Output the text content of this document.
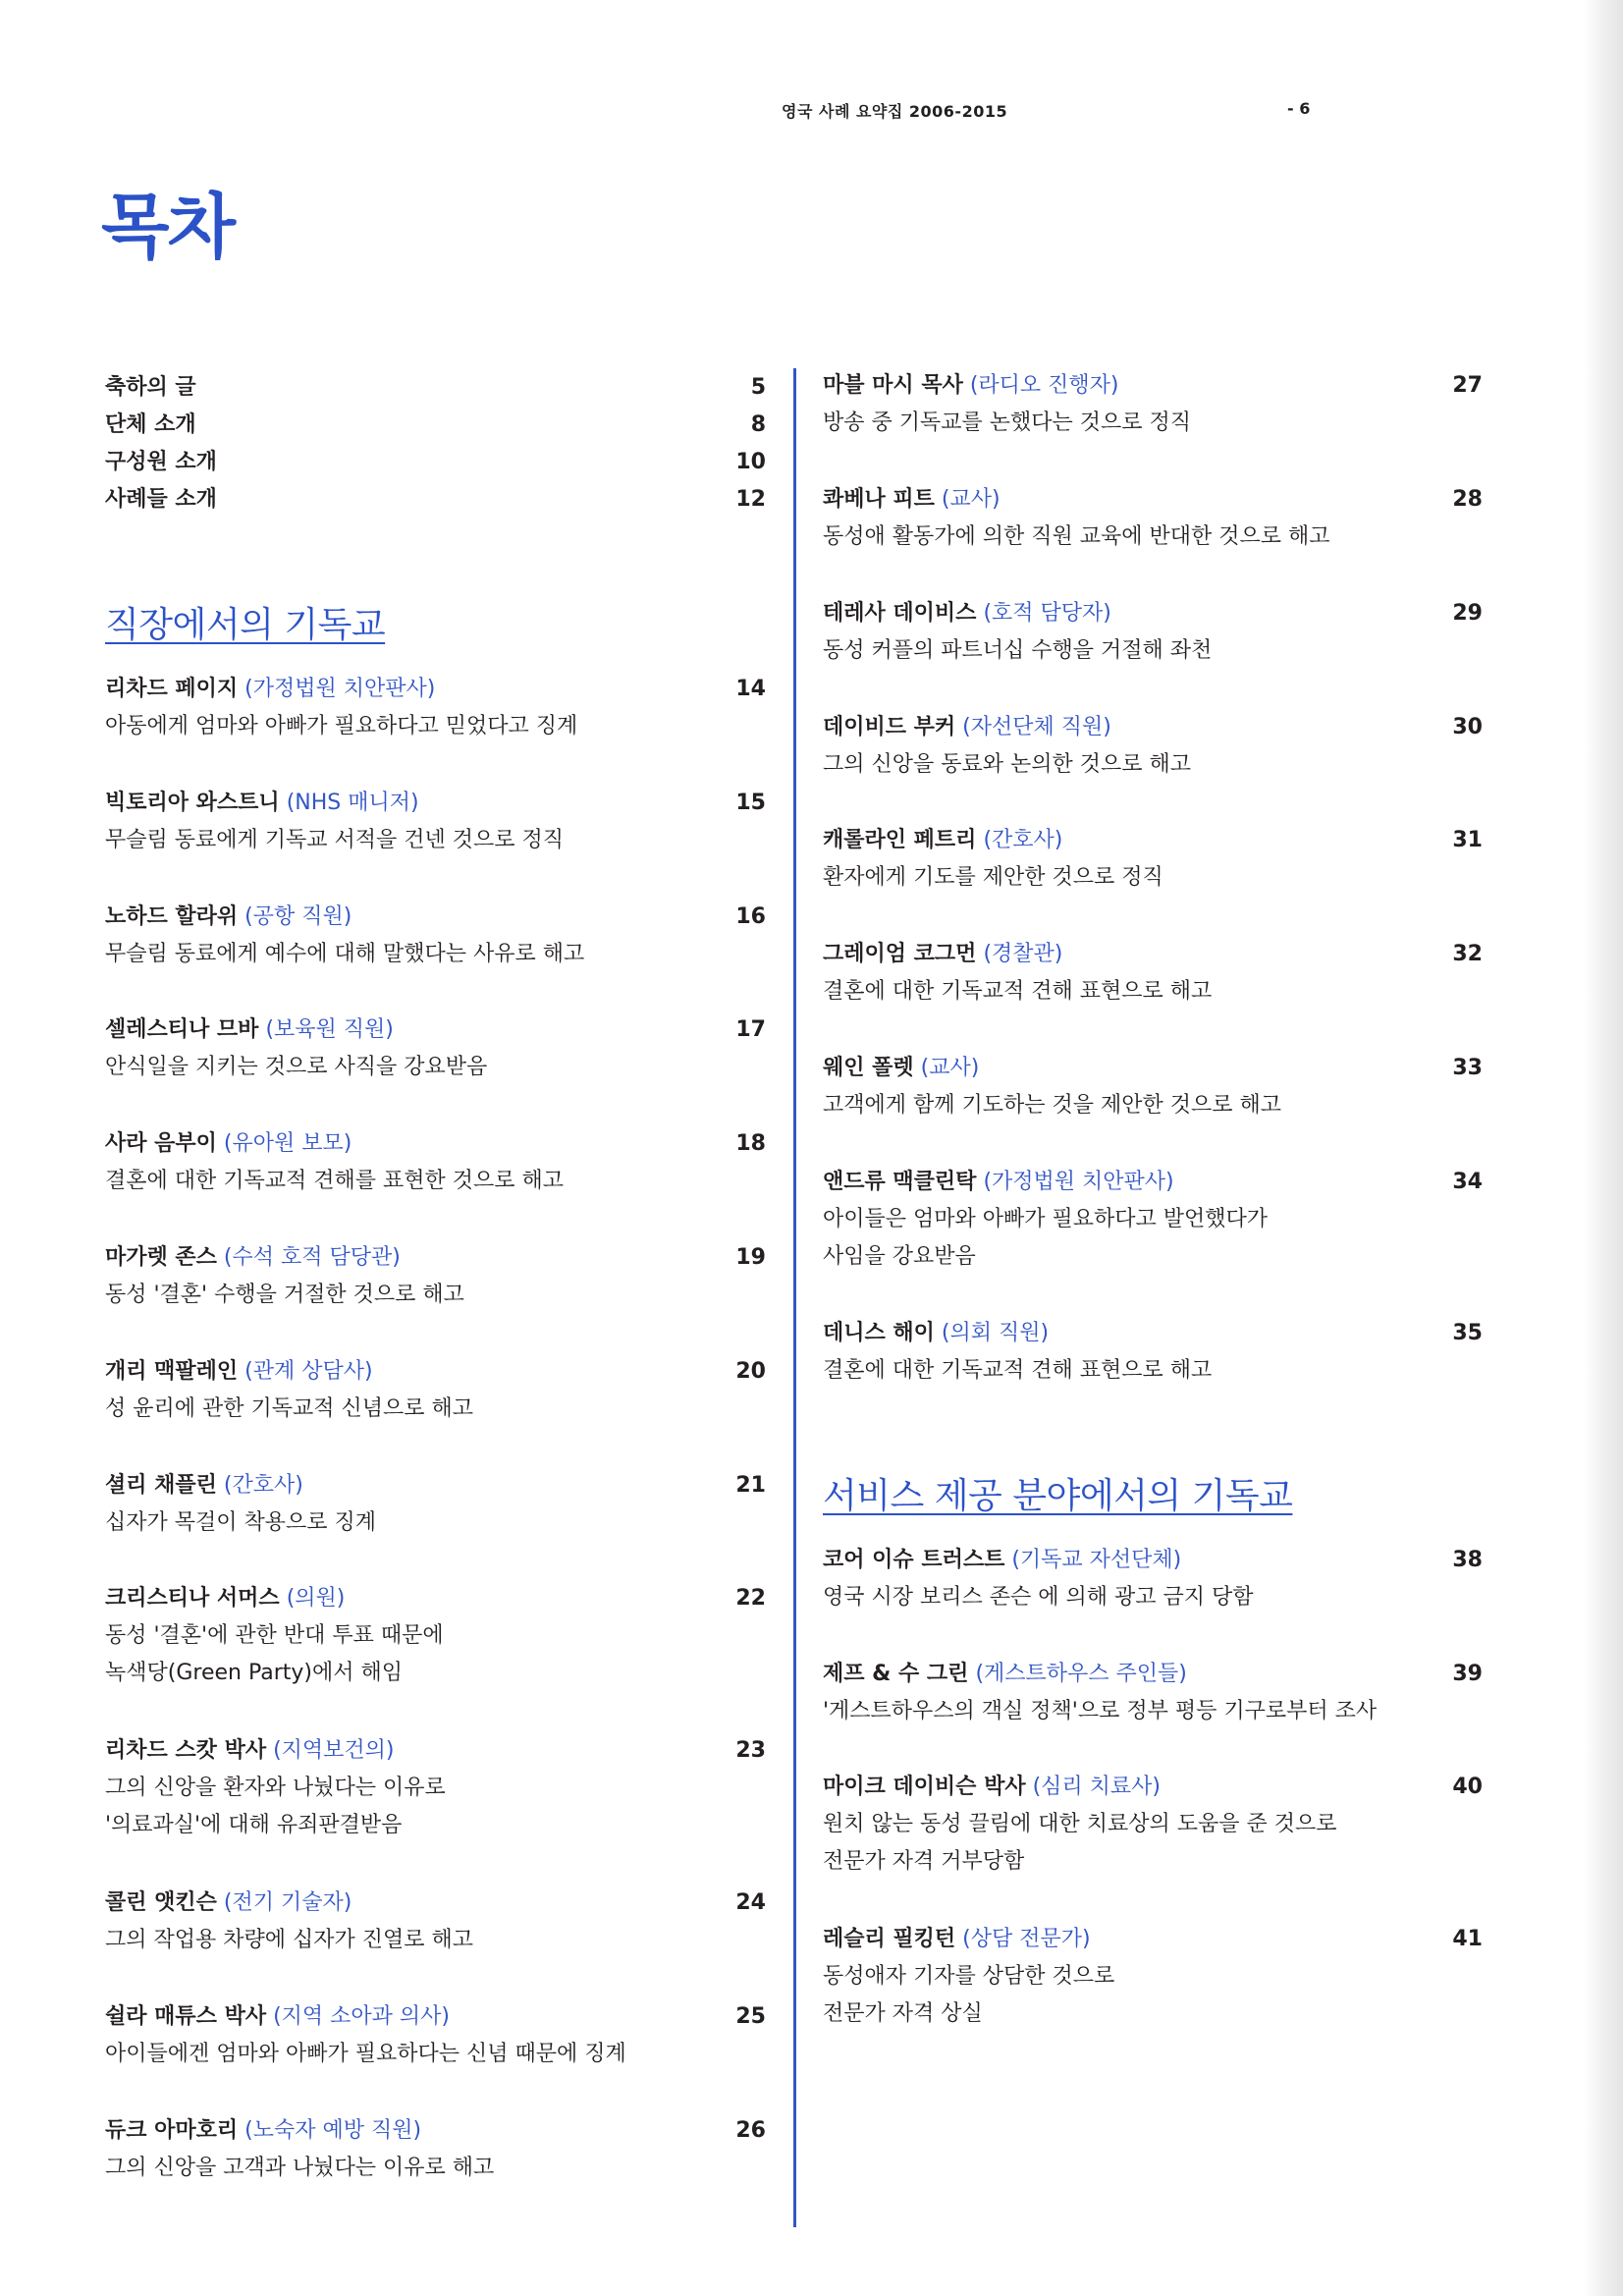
영국 사례 요약집 2006-2015	- 6
목차
축하의 글	5
단체 소개	8
구성원 소개	10
사례들 소개	12
직장에서의 기독교
리차드 페이지 (가정법원 치안판사)	14
아동에게 엄마와 아빠가 필요하다고 믿었다고 징계
빅토리아 와스트니 (NHS 매니저)	15
무슬림 동료에게 기독교 서적을 건넨 것으로 정직
노하드 할라위 (공항 직원)	16
무슬림 동료에게 예수에 대해 말했다는 사유로 해고
셀레스티나 므바 (보육원 직원)	17
안식일을 지키는 것으로 사직을 강요받음
사라 음부이 (유아원 보모)	18
결혼에 대한 기독교적 견해를 표현한 것으로 해고
마가렛 존스 (수석 호적 담당관)	19
동성 '결혼' 수행을 거절한 것으로 해고
개리 맥팔레인 (관계 상담사)	20
성 윤리에 관한 기독교적 신념으로 해고
셜리 채플린 (간호사)	21
십자가 목걸이 착용으로 징계
크리스티나 서머스 (의원)	22
동성 '결혼'에 관한 반대 투표 때문에
녹색당(Green Party)에서 해임
리차드 스캇 박사 (지역보건의)	23
그의 신앙을 환자와 나눴다는 이유로
'의료과실'에 대해 유죄판결받음
콜린 앳킨슨 (전기 기술자)	24
그의 작업용 차량에 십자가 진열로 해고
쉴라 매튜스 박사 (지역 소아과 의사)	25
아이들에겐 엄마와 아빠가 필요하다는 신념 때문에 징계
듀크 아마호리 (노숙자 예방 직원)	26
그의 신앙을 고객과 나눴다는 이유로 해고
마블 마시 목사 (라디오 진행자)	27
방송 중 기독교를 논했다는 것으로 정직
콰베나 피트 (교사)	28
동성애 활동가에 의한 직원 교육에 반대한 것으로 해고
테레사 데이비스 (호적 담당자)	29
동성 커플의 파트너십 수행을 거절해 좌천
데이비드 부커 (자선단체 직원)	30
그의 신앙을 동료와 논의한 것으로 해고
캐롤라인 페트리 (간호사)	31
환자에게 기도를 제안한 것으로 정직
그레이엄 코그먼 (경찰관)	32
결혼에 대한 기독교적 견해 표현으로 해고
웨인 폴렛 (교사)	33
고객에게 함께 기도하는 것을 제안한 것으로 해고
앤드류 맥클린탁 (가정법원 치안판사)	34
아이들은 엄마와 아빠가 필요하다고 발언했다가
사임을 강요받음
데니스 해이 (의회 직원)	35
결혼에 대한 기독교적 견해 표현으로 해고
서비스 제공 분야에서의 기독교
코어 이슈 트러스트 (기독교 자선단체)	38
영국 시장 보리스 존슨 에 의해 광고 금지 당함
제프 & 수 그린 (게스트하우스 주인들)	39
'게스트하우스의 객실 정책'으로 정부 평등 기구로부터 조사
마이크 데이비슨 박사 (심리 치료사)	40
원치 않는 동성 끌림에 대한 치료상의 도움을 준 것으로
전문가 자격 거부당함
레슬리 필킹턴 (상담 전문가)	41
동성애자 기자를 상담한 것으로
전문가 자격 상실
